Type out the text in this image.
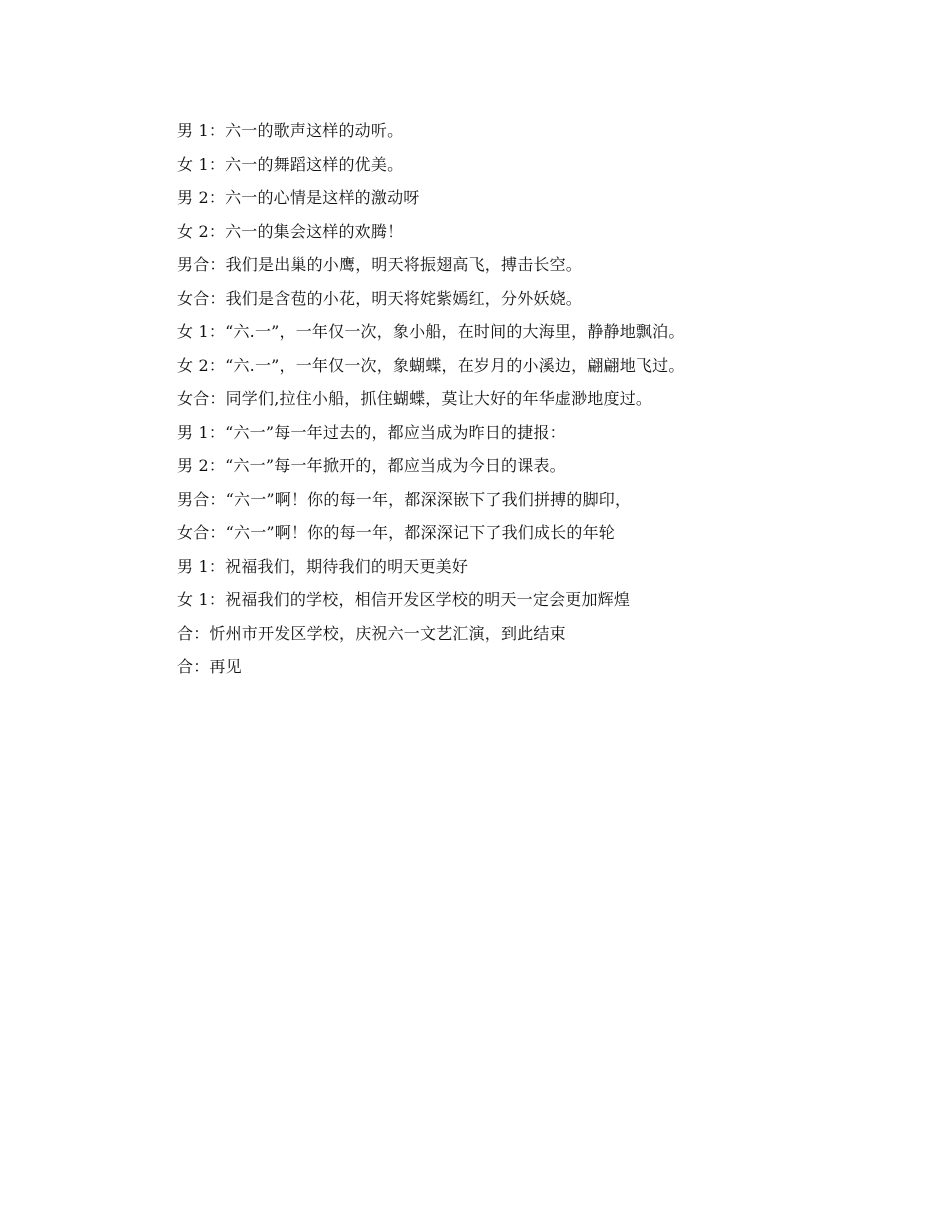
男 1：六一的歌声这样的动听。
女 1：六一的舞蹈这样的优美。
男 2：六一的心情是这样的激动呀
女 2：六一的集会这样的欢腾！
男合：我们是出巢的小鹰，明天将振翅高飞，搏击长空。
女合：我们是含苞的小花，明天将姹紫嫣红，分外妖娆。
女 1：“六.一”，一年仅一次，象小船，在时间的大海里，静静地飘泊。
女 2：“六.一”，一年仅一次，象蝴蝶，在岁月的小溪边，翩翩地飞过。
女合：同学们,拉住小船，抓住蝴蝶，莫让大好的年华虚渺地度过。
男 1：“六一”每一年过去的，都应当成为昨日的捷报：
男 2：“六一”每一年掀开的，都应当成为今日的课表。
男合：“六一”啊！你的每一年，都深深嵌下了我们拼搏的脚印，
女合：“六一”啊！你的每一年，都深深记下了我们成长的年轮
男 1：祝福我们，期待我们的明天更美好
女 1：祝福我们的学校，相信开发区学校的明天一定会更加辉煌
合：忻州市开发区学校，庆祝六一文艺汇演，到此结束
合：再见
